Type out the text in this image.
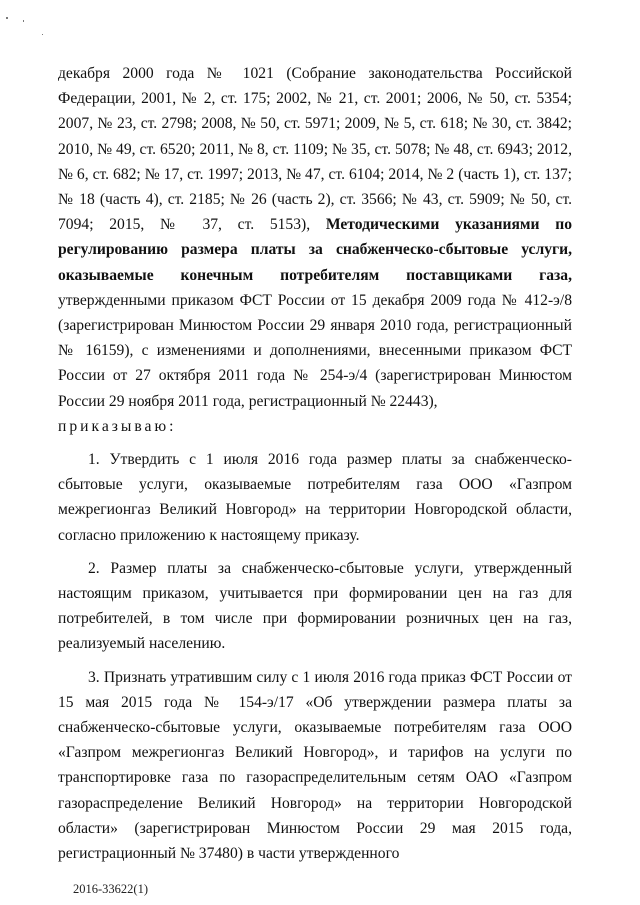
декабря 2000 года № 1021 (Собрание законодательства Российской Федерации, 2001, № 2, ст. 175; 2002, № 21, ст. 2001; 2006, № 50, ст. 5354; 2007, № 23, ст. 2798; 2008, № 50, ст. 5971; 2009, № 5, ст. 618; № 30, ст. 3842; 2010, № 49, ст. 6520; 2011, № 8, ст. 1109; № 35, ст. 5078; № 48, ст. 6943; 2012, № 6, ст. 682; № 17, ст. 1997; 2013, № 47, ст. 6104; 2014, № 2 (часть 1), ст. 137; № 18 (часть 4), ст. 2185; № 26 (часть 2), ст. 3566; № 43, ст. 5909; № 50, ст. 7094; 2015, № 37, ст. 5153), Методическими указаниями по регулированию размера платы за снабженческо-сбытовые услуги, оказываемые конечным потребителям поставщиками газа, утвержденными приказом ФСТ России от 15 декабря 2009 года № 412-э/8 (зарегистрирован Минюстом России 29 января 2010 года, регистрационный № 16159), с изменениями и дополнениями, внесенными приказом ФСТ России от 27 октября 2011 года № 254-э/4 (зарегистрирован Минюстом России 29 ноября 2011 года, регистрационный № 22443),

приказываю:

1. Утвердить с 1 июля 2016 года размер платы за снабженческо-сбытовые услуги, оказываемые потребителям газа ООО «Газпром межрегионгаз Великий Новгород» на территории Новгородской области, согласно приложению к настоящему приказу.

2. Размер платы за снабженческо-сбытовые услуги, утвержденный настоящим приказом, учитывается при формировании цен на газ для потребителей, в том числе при формировании розничных цен на газ, реализуемый населению.

3. Признать утратившим силу с 1 июля 2016 года приказ ФСТ России от 15 мая 2015 года № 154-э/17 «Об утверждении размера платы за снабженческо-сбытовые услуги, оказываемые потребителям газа ООО «Газпром межрегионгаз Великий Новгород», и тарифов на услуги по транспортировке газа по газораспределительным сетям ОАО «Газпром газораспределение Великий Новгород» на территории Новгородской области» (зарегистрирован Минюстом России 29 мая 2015 года, регистрационный № 37480) в части утвержденного

2016-33622(1)
